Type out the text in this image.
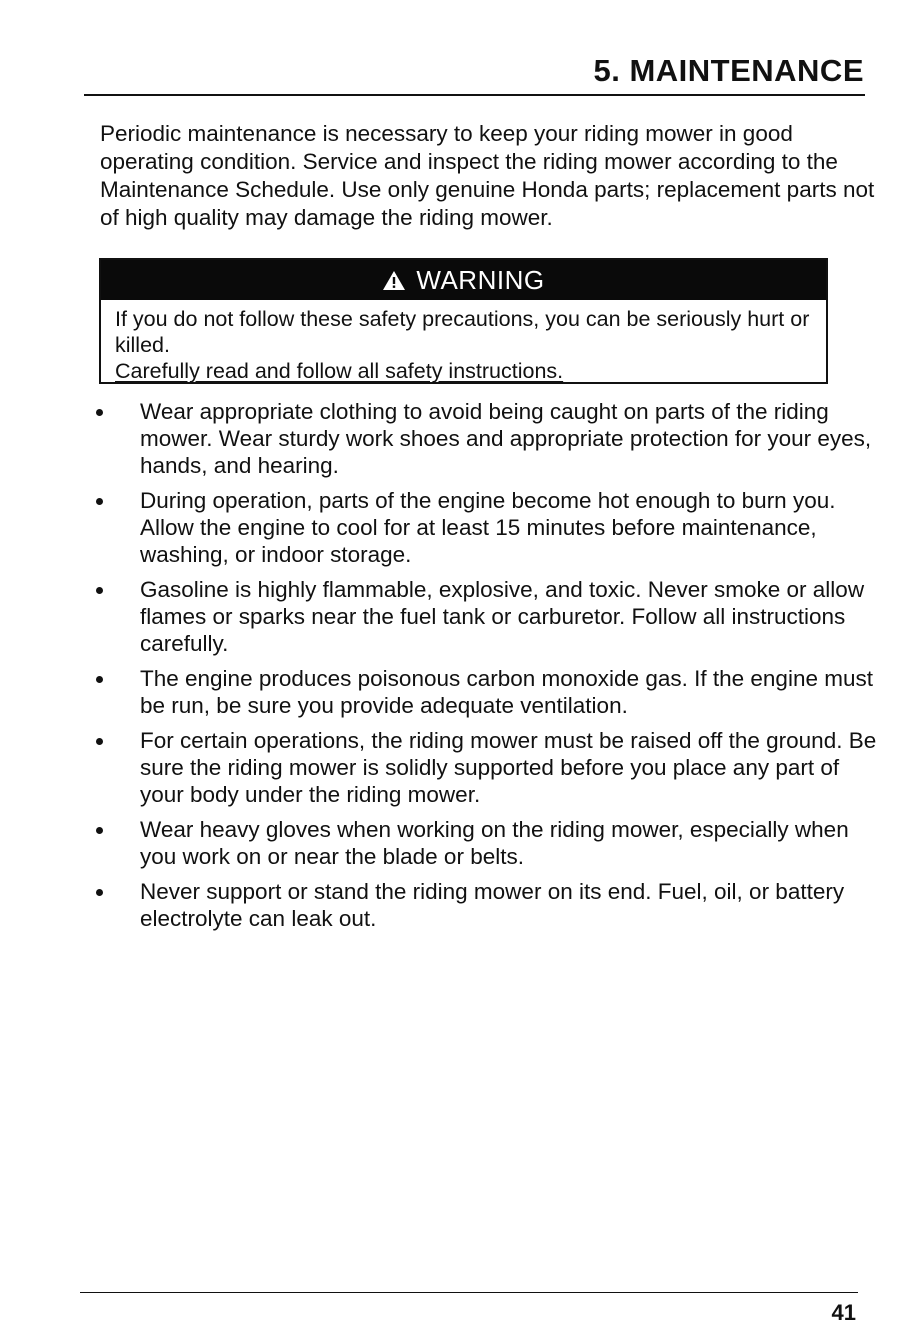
5. MAINTENANCE

Periodic maintenance is necessary to keep your riding mower in good operating condition. Service and inspect the riding mower according to the Maintenance Schedule. Use only genuine Honda parts; replacement parts not of high quality may damage the riding mower.

WARNING

If you do not follow these safety precautions, you can be seriously hurt or killed.
Carefully read and follow all safety instructions.

Wear appropriate clothing to avoid being caught on parts of the riding mower. Wear sturdy work shoes and appropriate protection for your eyes, hands, and hearing.
During operation, parts of the engine become hot enough to burn you. Allow the engine to cool for at least 15 minutes before maintenance, washing, or indoor storage.
Gasoline is highly flammable, explosive, and toxic. Never smoke or allow flames or sparks near the fuel tank or carburetor. Follow all instructions carefully.
The engine produces poisonous carbon monoxide gas. If the engine must be run, be sure you provide adequate ventilation.
For certain operations, the riding mower must be raised off the ground. Be sure the riding mower is solidly supported before you place any part of your body under the riding mower.
Wear heavy gloves when working on the riding mower, especially when you work on or near the blade or belts.
Never support or stand the riding mower on its end. Fuel, oil, or battery electrolyte can leak out.

41
